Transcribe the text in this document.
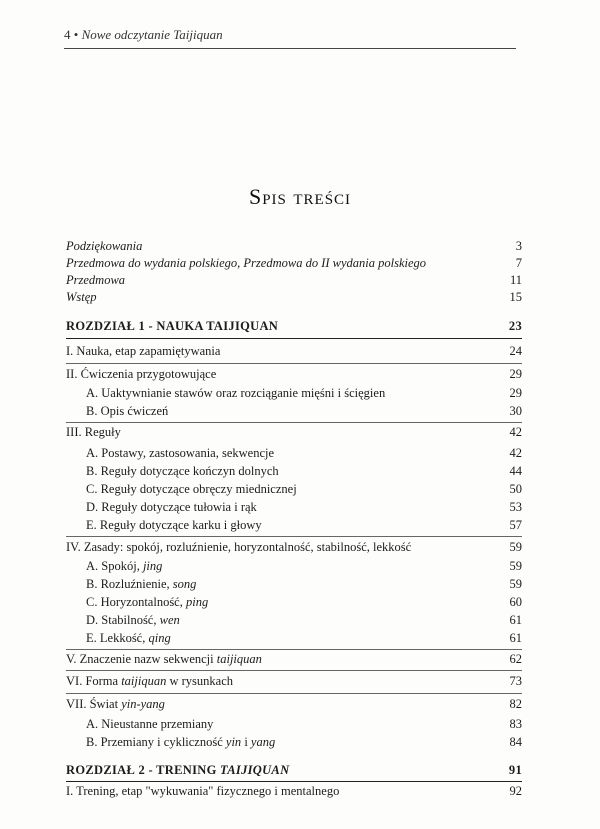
4 • Nowe odczytanie Taijiquan
Spis treści
Podziękowania	3
Przedmowa do wydania polskiego, Przedmowa do II wydania polskiego	7
Przedmowa	11
Wstęp	15
ROZDZIAŁ 1 - NAUKA TAIJIQUAN	23
I. Nauka, etap zapamiętywania	24
II. Ćwiczenia przygotowujące	29
A. Uaktywnianie stawów oraz rozciąganie mięśni i ścięgien	29
B. Opis ćwiczeń	30
III. Reguły	42
A. Postawy, zastosowania, sekwencje	42
B. Reguły dotyczące kończyn dolnych	44
C. Reguły dotyczące obręczy miednicznej	50
D. Reguły dotyczące tułowia i rąk	53
E. Reguły dotyczące karku i głowy	57
IV. Zasady: spokój, rozluźnienie, horyzontalność, stabilność, lekkość	59
A. Spokój, jing	59
B. Rozluźnienie, song	59
C. Horyzontalność, ping	60
D. Stabilność, wen	61
E. Lekkość, qing	61
V. Znaczenie nazw sekwencji taijiquan	62
VI. Forma taijiquan w rysunkach	73
VII. Świat yin-yang	82
A. Nieustanne przemiany	83
B. Przemiany i cykliczność yin i yang	84
ROZDZIAŁ 2 - TRENING TAIJIQUAN	91
I. Trening, etap "wykuwania" fizycznego i mentalnego	92
